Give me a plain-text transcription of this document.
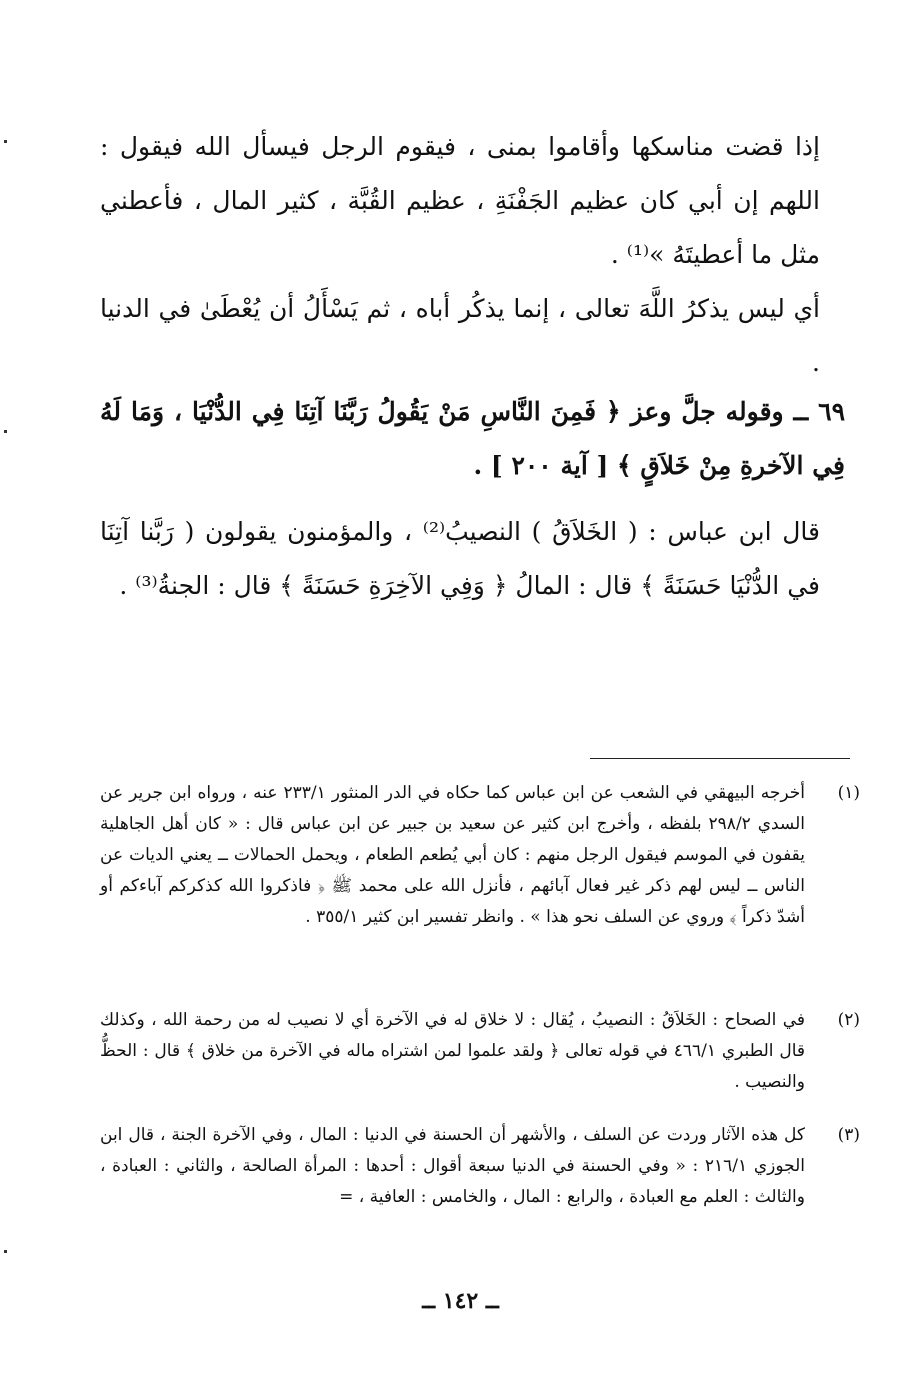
إذا قضت مناسكها وأقاموا بمنى ، فيقوم الرجل فيسأل الله فيقول : اللهم إن أبي كان عظيم الجَفْنَةِ ، عظيم القُبَّة ، كثير المال ، فأعطني مثل ما أعطيتَهُ »⁽¹⁾ .

أي ليس يذكرُ اللَّهَ تعالى ، إنما يذكُر أباه ، ثم يَسْأَلُ أن يُعْطَىٰ في الدنيا .

٦٩ ــ وقوله جلَّ وعز ﴿ فَمِنَ النَّاسِ مَنْ يَقُولُ رَبَّنَا آتِنَا فِي الدُّنْيَا ، وَمَا لَهُ فِي الآخرةِ مِنْ خَلاَقٍ ﴾ [ آية ٢٠٠ ] .

قال ابن عباس : ( الخَلاَقُ ) النصيبُ⁽²⁾ ، والمؤمنون يقولون ( رَبَّنا آتِنَا في الدُّنْيَا حَسَنَةً ﴾ قال : المالُ ﴿ وَفِي الآخِرَةِ حَسَنَةً ﴾ قال : الجنةُ⁽³⁾ .

(١)
أخرجه البيهقي في الشعب عن ابن عباس كما حكاه في الدر المنثور ٢٣٣/١ عنه ، ورواه ابن جرير عن السدي ٢٩٨/٢ بلفظه ، وأخرج ابن كثير عن سعيد بن جبير عن ابن عباس قال : « كان أهل الجاهلية يقفون في الموسم فيقول الرجل منهم : كان أبي يُطعم الطعام ، ويحمل الحمالات ــ يعني الديات عن الناس ــ ليس لهم ذكر غير فعال آبائهم ، فأنزل الله على محمد ﷺ ﴿ فاذكروا الله كذكركم آباءكم أو أشدّ ذكراً ﴾ وروي عن السلف نحو هذا » . وانظر تفسير ابن كثير ٣٥٥/١ .
(٢)
في الصحاح : الخَلاَقُ : النصيبُ ، يُقال : لا خلاق له في الآخرة أي لا نصيب له من رحمة الله ، وكذلك قال الطبري ٤٦٦/١ في قوله تعالى ﴿ ولقد علموا لمن اشتراه ماله في الآخرة من خلاق ﴾ قال : الحظُّ والنصيب .
(٣)
كل هذه الآثار وردت عن السلف ، والأشهر أن الحسنة في الدنيا : المال ، وفي الآخرة الجنة ، قال ابن الجوزي ٢١٦/١ : « وفي الحسنة في الدنيا سبعة أقوال : أحدها : المرأة الصالحة ، والثاني : العبادة ، والثالث : العلم مع العبادة ، والرابع : المال ، والخامس : العافية ، =
ــ ١٤٢ ــ
